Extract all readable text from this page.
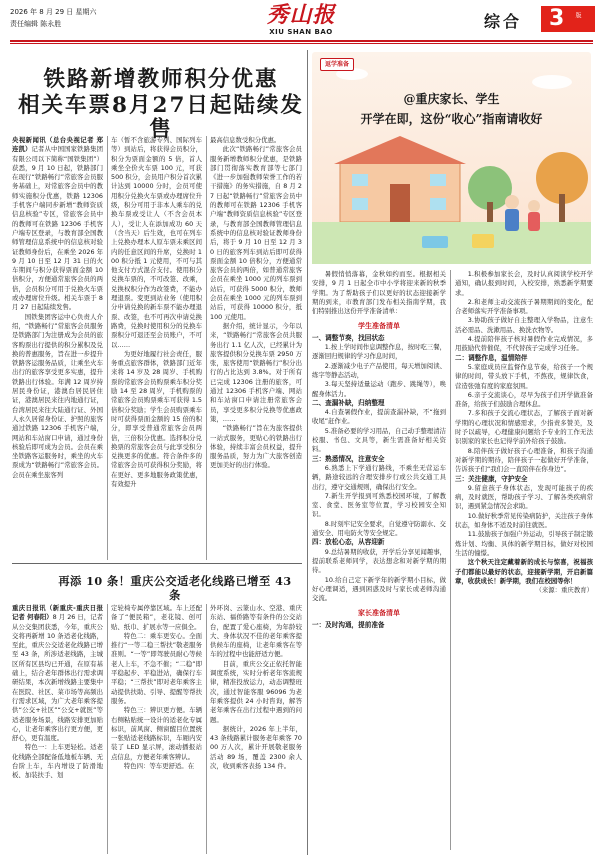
2026 年 8 月 29 日 星期六
责任编辑 陈永胜	秀山报
XIU SHAN BAO
综合 3 版
铁路新增教师积分优惠
相关车票8月27日起陆续发售

央视新闻讯（总台央视记者 郑连凯）记者从中国国家铁路集团有限公司以下简称“国铁集团”）获悉，9 月 10 日起，铁路部门在现行“铁路畅行”常旅客会员服务基础上，对常旅客会员中的教师实施积分优惠，铁路 12306 手机客户端同步新增“教师资质信息核验”专区，常旅客会员中的教师可在铁路 12306 手机客户端专区登录，与教育部全国教师管理信息系统中的信息核对验证教师身份后，在乘坐 2026 年 9 月 10 日至 12 月 31 日的火车期间与积分获得票面金额 10 倍积分，方便通常旅客会员的两倍，会员积分可用于兑换火车票或办理席位升级。相关车票于 8 月 27 日起陆续发售。

国铁集团客运中心负责人介绍，“铁路畅行”常旅客会员服务是铁路部门为注册成为会员的旅客购票出行提供的积分累积及兑换的普惠服务，旨在进一步提升铁路客运服务品质，让乘坐火车出行的旅客享受更多实惠，提升铁路出行体验。年满 12 周岁持居民身份证，港澳台居民居住证，港澳居民来往内地通行证，台湾居民来往大陆通行证、外国人永久居留身份证、护照的旅客通过铁路 12306 手机客户端，网站和车站窗口申请，通过身份核验后即可成为会员。会员在乘坐铁路客运服务时，乘坐的火车票成为“铁路畅行”常旅客会员。会员在乘坐旅客列

车（暂不含旅游专列、国际列车等）到站后，将获得会员积分，积分为票面金额的 5 倍，首人乘坐全价火车票 100 元，可获 500 积分，会员用户积分首次累计达到 10000 分时，会员可使用积分兑换火车票或办理席位升级，积分可用于非本人乘车的兑换车票或受让人（不含会员本人），受让人在添加成功 60 天（含当天）后生效，也可在列车上兑换办理本人原车票未乘区间内的任意区间的升席，兑换时 100 积分抵 1 元使用，不可与其他支付方式混合支付。使用积分兑换车票的，不可改签、改乘，兑换权积分作为改签费，不能办理退票。变更到站业务（使用积分申请兑换的新车票不能办理退票、改签，也不可再次申请兑换路费，兑换时使用积分的兑换车票积分可退还至会员账户，不可以……

为更好地履行社会责任，服务重点旅客群体，铁路部门近年来将 14 岁及 28 周岁、手机购票的常旅客会员购票乘车积分奖励 14 至 28 周岁，手机购票的常旅客会员购票乘车可获得 1.5 倍积分奖励；学生会员购票乘车时可获得票面金额的 15 倍的积分，即享受普通常旅客会员两倍，三倍积分优惠。选择积分兑换票的常旅客会员与此享受积分兑换更多的优惠。符合条件多的常旅客会员可获得积分奖励，将在更好、更多地服务政策优惠，有效提升

最高信息数受积分优惠。

此次“铁路畅行”常旅客会员服务新增教师积分优惠，是铁路部门贯彻落实教育部等七部门《进一步加强教师荣誉工作的若干措施》的务实措施，自 8 月 27 日起“铁路畅行”常旅客会员中的教师可在铁路 12306 手机客户端“教师资质信息核验”专区登录，与教育部全国教师管理信息系统中的信息核对验证教师身份后，将于 9 月 10 日至 12 月 30 日的旅客列车到站后即可获得票面金额 10 倍积分，方便通常旅客会员的两倍，如普通常旅客会员在乘坐 1000 元的列车票到站后，可获得 5000 积分，教师会员在乘坐 1000 元的列车票到站后，可获得 10000 积分，抵 100 元使用。

据介绍，统计显示，今年以来，“铁路畅行”常旅客会员共服务出行 1.1 亿人次，已经累计为旅客提供积分兑换车票 2950 万张，旅客使用“铁路畅行”积分出行的占比达到 3.8%。对于所有已完成 12306 注册的旅客，可通过 12306 手机客户端、网站和车站窗口申请注册常旅客会员，享受更多积分兑换等优惠政策，……

“铁路畅行”旨在为旅客提供一站式服务，更贴心的铁路出行体验，持续丰富会员权益，提升服务品质，努力为广大旅客创造更加美好的出行体验。

再添 10 条！重庆公交适老化线路已增至 43 条

重庆日报讯（新重庆-重庆日报记者 何春阳）8 月 26 日，记者从公交集团获悉，今年，重庆公交将再新增 10 条适老化线路，至此，重庆公交适老化线路已增至 43 条，所涉适老线路，主城区所有区县均已开通，在原有基础上，结合老年群体出行需求调研结果，本次新增线路主要集中在医院、社区、菜市场等高频出行需求区域，为广大老年乘客提供“公交+社区”“公交+就医”等适老服务场景，线路安排更加贴心，让老年乘客出行更方便，更舒心，更有温度。

特色一：上车更轻松。适老化线路全部配备低地板车辆、无台阶上车，车内增设了防滑地板、加装扶手、划

定轮椅专属停靠区域。车上还配备了“便民箱”，老花镜、创可贴、纸巾、扩展水等一应俱全。

特色二：乘车更安心。全面推行“一等二稳三帮扶”敬老服务准则。“一等”即驾驶员耐心等候老人上车，不急不催；“二稳”即平稳起步、平稳进站，确保行车平稳；“三帮扶”即对老年乘客主动提供扶助、引导、提醒等帮扶服务。

特色三：辨识更方便。车辆右侧粘贴统一设计的适老化专属标识，前风窗、侧窗醒目位置统一张贴适老线路标识，车厢内安装了 LED 显示屏，滚动播报站点信息，方便老年乘客辨认。

特色四：等车更舒适。在

外环岗、云篆山水、空港、重庆东站、福侨路等有条件的公交站台，配置了爱心座椅，为年龄较大、身体状况不佳的老年乘客提供候车的座椅，让老年乘客在等车的过程中也能舒适方便。

目前，重庆公交正依托智能调度系统，实时分析老年客流规律，精准投放运力，动态调整班次，通过智能客服 96096 为老年乘客提供 24 小时咨询，解答老年乘客在出行过程中遇到的问题。

据统计，2026 年上半年，43 条线路累计服务老年乘客 7000 万人次，累计开展敬老服务活动 89 场，覆盖 2300 余人次，收到乘客表扬 134 件。

返学准备
@重庆家长、学生
开学在即，这份“收心”指南请收好

暑假悄悄落幕，金秋如约而至。根据相关安排，9 月 1 日起全市中小学将迎来新的秋季学期。为了帮助孩子们以更好的状态迎接新学期的到来，市教育部门发布相关指南学期，我们特别推出这份开学准备清单：

学生准备清单
一、调整节奏，找回状态

1.按上学时间作息调整作息，按时吃三餐，逐渐回归规律的学习作息时间，

2.逐渐减少电子产品使用，每天增加阅读、练字等静态活动，

3.每天坚持适量运动（跑步、跳绳等），唤醒身体活力。

二、查漏补缺，归纳整理

4.自查暑假作业，提前查漏补缺，不“拖到收尾”赶作业。

5.准备必要的学习用品，自己动手整理清洁校服、书包、文具等，新生需准备好相关资料。

三：熟悉情况，注意安全

6.熟悉上下学通行路线，不乘坐无营运车辆，路途较远的合理安排步行或公共交通工具出行，遵守交通规则，确保出行安全。

7.新生开学报到可熟悉校园环境，了解教室、食堂、医务室等位置，学习校园安全知识。

8.时刻牢记安全要求，自觉遵守防溺水、交通安全、用电防火等安全规定。

四：放松心态，从容迎新

9.总结暑期的收获，开学后分享见闻趣事，提前联系老师同学，表达想念和对新学期的期待。

10.给自己定下新学年的新学期小目标，做好心理调适，遇到困惑及时与家长或老师沟通交流。

家长准备清单
一：及时沟通，提前准备

1.积极参加家长会，及时认真阅读学校开学通知，确认报到时间，入校安排，熟悉新学期要求。

2.和老师主动交流孩子暑期期间的变化，配合老师落实开学准备事项。

3.协助孩子做好自主整理入学物品，注意生活必需品、洗漱用品、换洗衣物等。

4.提前陪伴孩子核对暑假作业完成情况，多用鼓励代替催促，不代替孩子完成学习任务。

二：调整作息，温情陪伴

5.家庭成员应监督作息节奏，给孩子一个规律的时间，带头放下手机，不熬夜，规律饮食，营造张弛有度的家庭氛围。

6.亲子交流谈心，尽早为孩子们开学做准备准备，给孩子们鼓励合理休息。

7.多和孩子交流心理状态，了解孩子面对新学期的心理状况和情感需求，少指责多赞美，及时予以疏导，心理健康问题给予专业的工作无法识别家的家长也记得学前外给孩子鼓励。

8.陪伴孩子做好孩子心理准备，和孩子沟通对新学期的期待，陪伴孩子一起做好开学准备，告诉孩子们“我们会一直陪伴在你身边”。

三：关注健康，守护安全

9.留意孩子身体状态，发现可能孩子的疾病，及时就医，帮助孩子学习、了解各类疾病常识，遇到紧急情况会求助。

10.做好秋季常见传染病防护，关注孩子身体状态，如身体不适及时前往就医。

11.鼓励孩子加强户外运动，引导孩子制定锻炼计划、均衡、具体的新学期目标，做好对校园生活的憧憬。

这个秋天注定藏着新的成长与惊喜，祝福孩子们都能以最好的状态，迎接新学期，开启新篇章，收获成长！新学期，我们在校园等你！

（来源：重庆教育）
